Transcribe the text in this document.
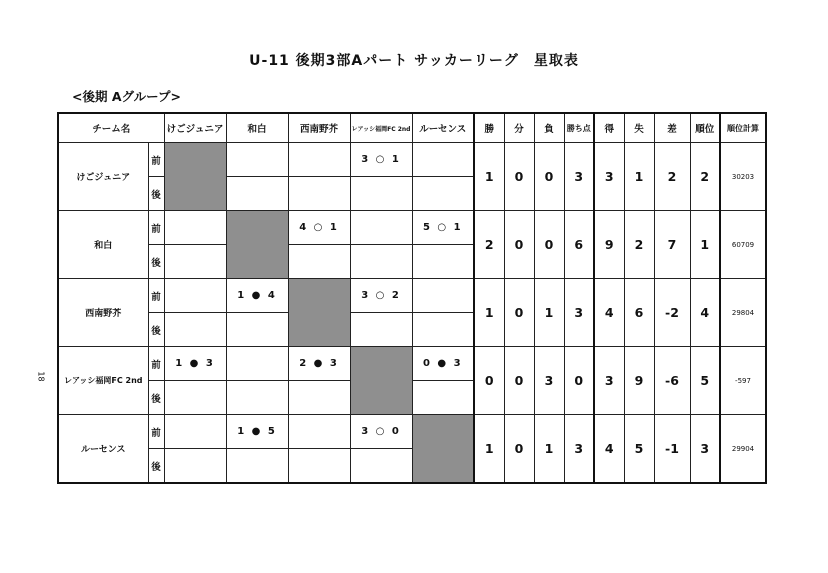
U-11 後期3部Aパート サッカーリーグ　星取表
<後期 Aグループ>
18
チーム名		けごジュニア	和白	西南野芥	レアッシ福岡FC 2nd	ルーセンス	勝	分	負	勝ち点	得	失	差	順位	順位計算
けごジュニア	前				3 ○ 1		1	0	0	3	3	1	2	2	30203
	後														
和白	前			4 ○ 1		5 ○ 1	2	0	0	6	9	2	7	1	60709
	後														
西南野芥	前		1 ● 4		3 ○ 2		1	0	1	3	4	6	-2	4	29804
	後														
レアッシ福岡FC 2nd	前	1 ● 3		2 ● 3		0 ● 3	0	0	3	0	3	9	-6	5	-597
	後														
ルーセンス	前		1 ● 5		3 ○ 0		1	0	1	3	4	5	-1	3	29904
	後														
